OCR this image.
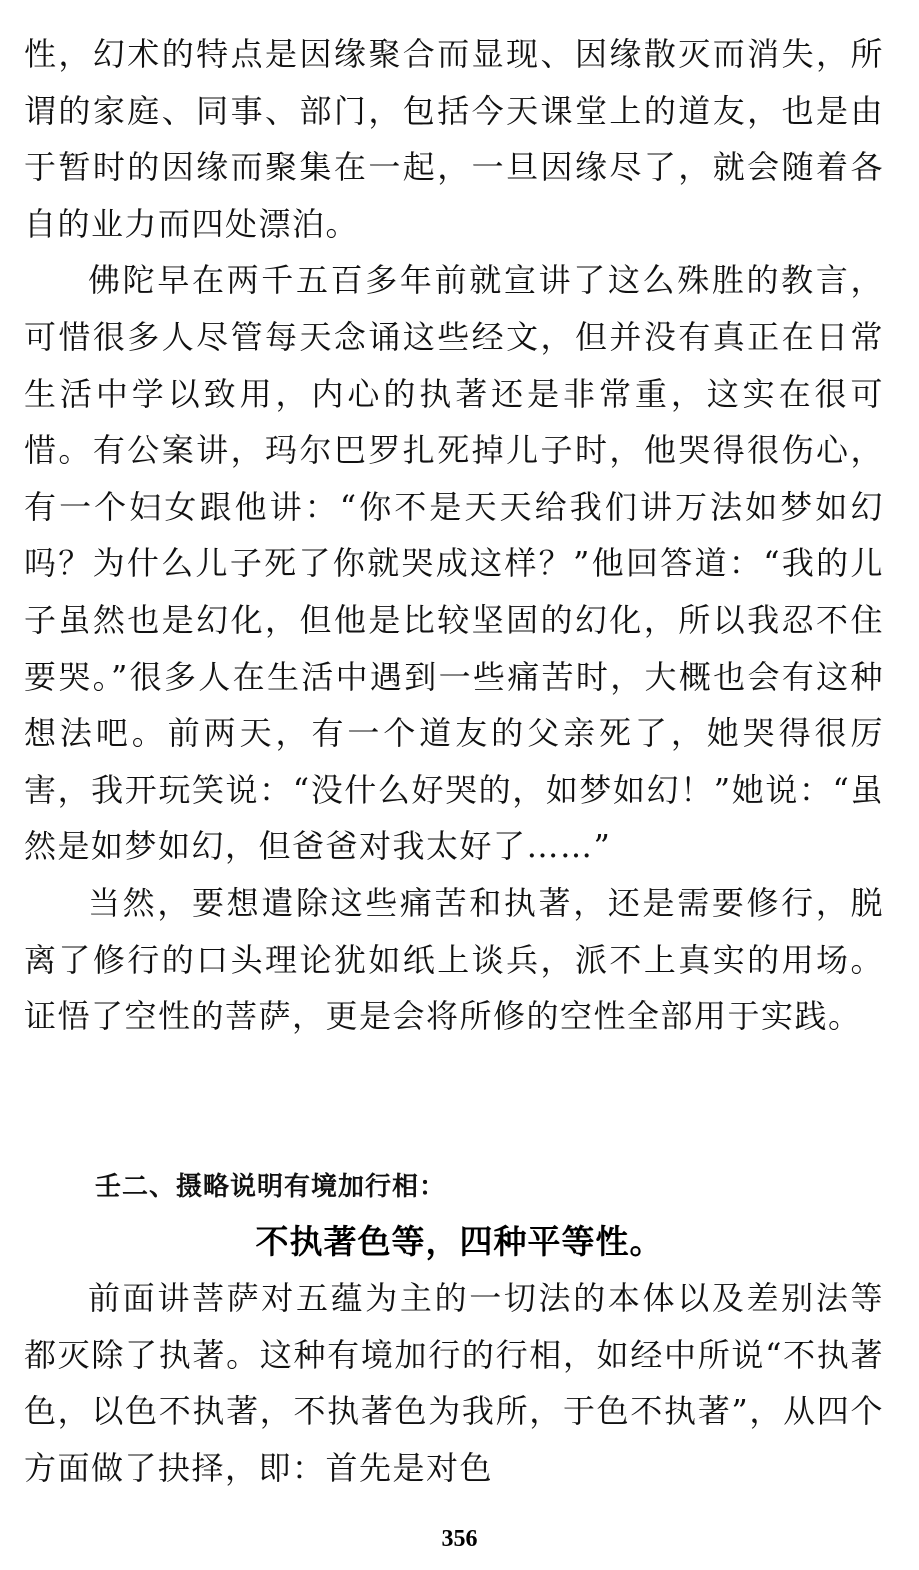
性，幻术的特点是因缘聚合而显现、因缘散灭而消失，所谓的家庭、同事、部门，包括今天课堂上的道友，也是由于暂时的因缘而聚集在一起，一旦因缘尽了，就会随着各自的业力而四处漂泊。

佛陀早在两千五百多年前就宣讲了这么殊胜的教言，可惜很多人尽管每天念诵这些经文，但并没有真正在日常生活中学以致用，内心的执著还是非常重，这实在很可惜。有公案讲，玛尔巴罗扎死掉儿子时，他哭得很伤心，有一个妇女跟他讲：“你不是天天给我们讲万法如梦如幻吗？为什么儿子死了你就哭成这样？”他回答道：“我的儿子虽然也是幻化，但他是比较坚固的幻化，所以我忍不住要哭。”很多人在生活中遇到一些痛苦时，大概也会有这种想法吧。前两天，有一个道友的父亲死了，她哭得很厉害，我开玩笑说：“没什么好哭的，如梦如幻！”她说：“虽然是如梦如幻，但爸爸对我太好了……”

当然，要想遣除这些痛苦和执著，还是需要修行，脱离了修行的口头理论犹如纸上谈兵，派不上真实的用场。证悟了空性的菩萨，更是会将所修的空性全部用于实践。

壬二、摄略说明有境加行相：
不执著色等，四种平等性。

前面讲菩萨对五蕴为主的一切法的本体以及差别法等都灭除了执著。这种有境加行的行相，如经中所说“不执著色，以色不执著，不执著色为我所，于色不执著”，从四个方面做了抉择，即：首先是对色

356
